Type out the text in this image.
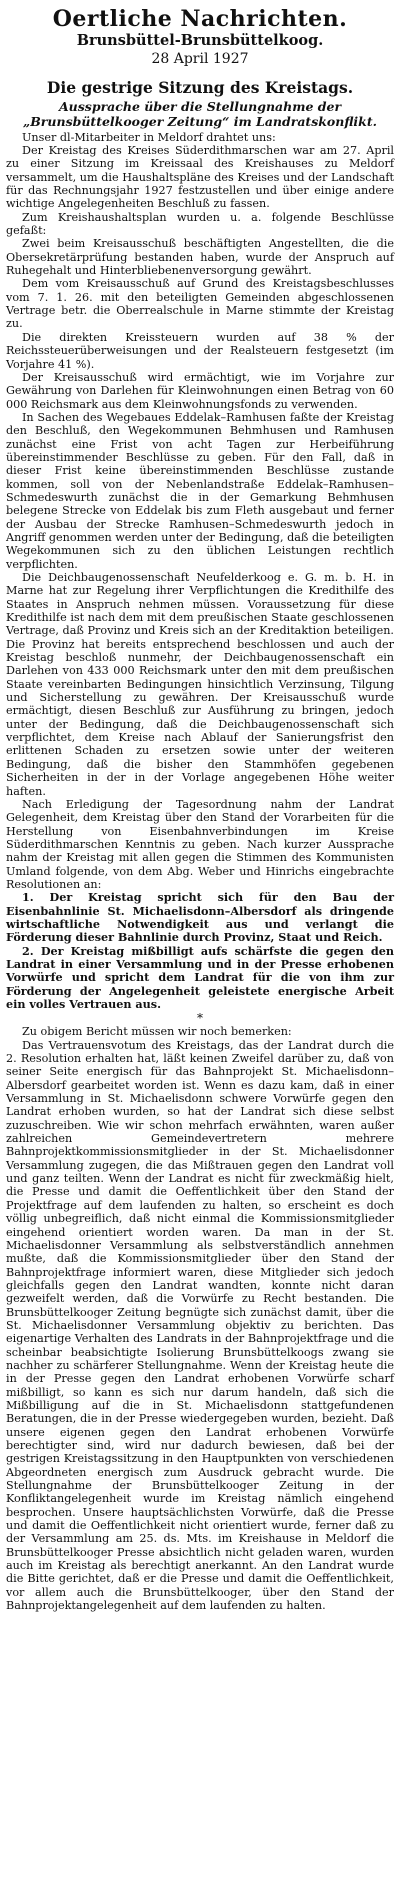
Oertliche Nachrichten.
Brunsbüttel-Brunsbüttelkoog.
28 April 1927
Die gestrige Sitzung des Kreistags.
Aussprache über die Stellungnahme der „Brunsbüttelkooger Zeitung“ im Landratskonflikt.
Unser dl-Mitarbeiter in Meldorf drahtet uns:

Der Kreistag des Kreises Süderdithmarschen war am 27. April zu einer Sitzung im Kreissaal des Kreishauses zu Meldorf versammelt, um die Haushaltspläne des Kreises und der Landschaft für das Rechnungsjahr 1927 festzustellen und über einige andere wichtige Angelegenheiten Beschluß zu fassen.

Zum Kreishaushaltsplan wurden u. a. folgende Beschlüsse gefaßt:

Zwei beim Kreisausschuß beschäftigten Angestellten, die die Obersekretärprüfung bestanden haben, wurde der Anspruch auf Ruhegehalt und Hinterbliebenenversorgung gewährt.

Dem vom Kreisausschuß auf Grund des Kreistagsbeschlusses vom 7. 1. 26. mit den beteiligten Gemeinden abgeschlossenen Vertrage betr. die Oberrealschule in Marne stimmte der Kreistag zu.

Die direkten Kreissteuern wurden auf 38 % der Reichssteuerüberweisungen und der Realsteuern festgesetzt (im Vorjahre 41 %).

Der Kreisausschuß wird ermächtigt, wie im Vorjahre zur Gewährung von Darlehen für Kleinwohnungen einen Betrag von 60 000 Reichsmark aus dem Kleinwohnungsfonds zu verwenden.

In Sachen des Wegebaues Eddelak–Ramhusen faßte der Kreistag den Beschluß, den Wegekommunen Behmhusen und Ramhusen zunächst eine Frist von acht Tagen zur Herbeiführung übereinstimmender Beschlüsse zu geben. Für den Fall, daß in dieser Frist keine übereinstimmenden Beschlüsse zustande kommen, soll von der Nebenlandstraße Eddelak–Ramhusen–Schmedeswurth zunächst die in der Gemarkung Behmhusen belegene Strecke von Eddelak bis zum Fleth ausgebaut und ferner der Ausbau der Strecke Ramhusen–Schmedeswurth jedoch in Angriff genommen werden unter der Bedingung, daß die beteiligten Wegekommunen sich zu den üblichen Leistungen rechtlich verpflichten.

Die Deichbaugenossenschaft Neufelderkoog e. G. m. b. H. in Marne hat zur Regelung ihrer Verpflichtungen die Kredithilfe des Staates in Anspruch nehmen müssen. Voraussetzung für diese Kredithilfe ist nach dem mit dem preußischen Staate geschlossenen Vertrage, daß Provinz und Kreis sich an der Kreditaktion beteiligen. Die Provinz hat bereits entsprechend beschlossen und auch der Kreistag beschloß nunmehr, der Deichbaugenossenschaft ein Darlehen von 433 000 Reichsmark unter den mit dem preußischen Staate vereinbarten Bedingungen hinsichtlich Verzinsung, Tilgung und Sicherstellung zu gewähren. Der Kreisausschuß wurde ermächtigt, diesen Beschluß zur Ausführung zu bringen, jedoch unter der Bedingung, daß die Deichbaugenossenschaft sich verpflichtet, dem Kreise nach Ablauf der Sanierungsfrist den erlittenen Schaden zu ersetzen sowie unter der weiteren Bedingung, daß die bisher den Stammhöfen gegebenen Sicherheiten in der in der Vorlage angegebenen Höhe weiter haften.

Nach Erledigung der Tagesordnung nahm der Landrat Gelegenheit, dem Kreistag über den Stand der Vorarbeiten für die Herstellung von Eisenbahnverbindungen im Kreise Süderdithmarschen Kenntnis zu geben. Nach kurzer Aussprache nahm der Kreistag mit allen gegen die Stimmen des Kommunisten Umland folgende, von dem Abg. Weber und Hinrichs eingebrachte Resolutionen an:

1. Der Kreistag spricht sich für den Bau der Eisenbahnlinie St. Michaelisdonn–Albersdorf als dringende wirtschaftliche Notwendigkeit aus und verlangt die Förderung dieser Bahnlinie durch Provinz, Staat und Reich.

2. Der Kreistag mißbilligt aufs schärfste die gegen den Landrat in einer Versammlung und in der Presse erhobenen Vorwürfe und spricht dem Landrat für die von ihm zur Förderung der Angelegenheit geleistete energische Arbeit ein volles Vertrauen aus.

*

Zu obigem Bericht müssen wir noch bemerken:

Das Vertrauensvotum des Kreistags, das der Landrat durch die 2. Resolution erhalten hat, läßt keinen Zweifel darüber zu, daß von seiner Seite energisch für das Bahnprojekt St. Michaelisdonn–Albersdorf gearbeitet worden ist. Wenn es dazu kam, daß in einer Versammlung in St. Michaelisdonn schwere Vorwürfe gegen den Landrat erhoben wurden, so hat der Landrat sich diese selbst zuzuschreiben. Wie wir schon mehrfach erwähnten, waren außer zahlreichen Gemeindevertretern mehrere Bahnprojektkommissionsmitglieder in der St. Michaelisdonner Versammlung zugegen, die das Mißtrauen gegen den Landrat voll und ganz teilten. Wenn der Landrat es nicht für zweckmäßig hielt, die Presse und damit die Oeffentlichkeit über den Stand der Projektfrage auf dem laufenden zu halten, so erscheint es doch völlig unbegreiflich, daß nicht einmal die Kommissionsmitglieder eingehend orientiert worden waren. Da man in der St. Michaelisdonner Versammlung als selbstverständlich annehmen mußte, daß die Kommissionsmitglieder über den Stand der Bahnprojektfrage informiert waren, diese Mitglieder sich jedoch gleichfalls gegen den Landrat wandten, konnte nicht daran gezweifelt werden, daß die Vorwürfe zu Recht bestanden. Die Brunsbüttelkooger Zeitung begnügte sich zunächst damit, über die St. Michaelisdonner Versammlung objektiv zu berichten. Das eigenartige Verhalten des Landrats in der Bahnprojektfrage und die scheinbar beabsichtigte Isolierung Brunsbüttelkoogs zwang sie nachher zu schärferer Stellungnahme. Wenn der Kreistag heute die in der Presse gegen den Landrat erhobenen Vorwürfe scharf mißbilligt, so kann es sich nur darum handeln, daß sich die Mißbilligung auf die in St. Michaelisdonn stattgefundenen Beratungen, die in der Presse wiedergegeben wurden, bezieht. Daß unsere eigenen gegen den Landrat erhobenen Vorwürfe berechtigter sind, wird nur dadurch bewiesen, daß bei der gestrigen Kreistagssitzung in den Hauptpunkten von verschiedenen Abgeordneten energisch zum Ausdruck gebracht wurde. Die Stellungnahme der Brunsbüttelkooger Zeitung in der Konfliktangelegenheit wurde im Kreistag nämlich eingehend besprochen. Unsere hauptsächlichsten Vorwürfe, daß die Presse und damit die Oeffentlichkeit nicht orientiert wurde, ferner daß zu der Versammlung am 25. ds. Mts. im Kreishause in Meldorf die Brunsbüttelkooger Presse absichtlich nicht geladen waren, wurden auch im Kreistag als berechtigt anerkannt. An den Landrat wurde die Bitte gerichtet, daß er die Presse und damit die Oeffentlichkeit, vor allem auch die Brunsbüttelkooger, über den Stand der Bahnprojektangelegenheit auf dem laufenden zu halten.
